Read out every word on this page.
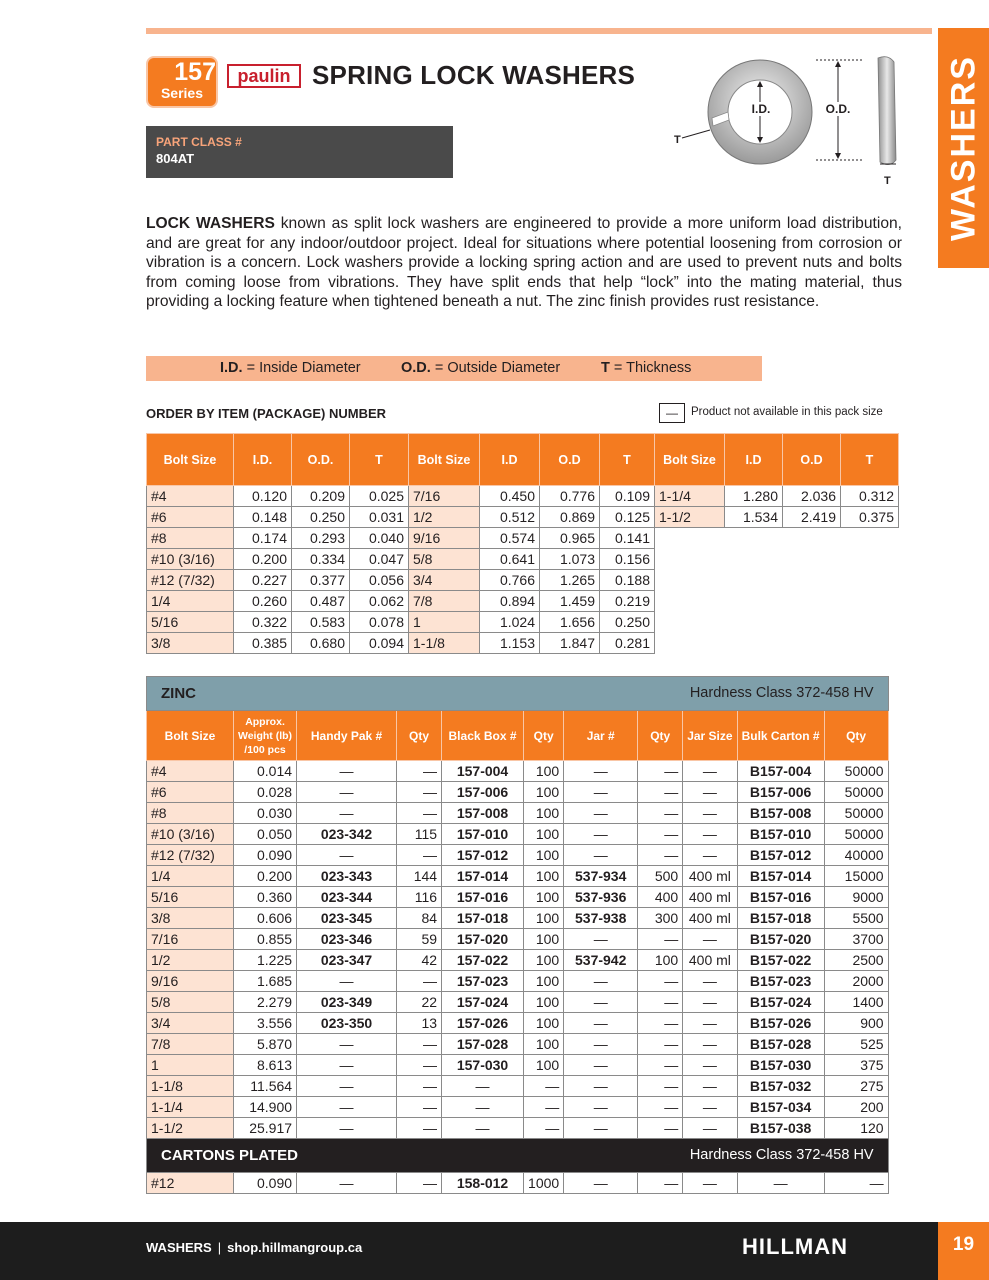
WASHERS
157
Series
paulin SPRING LOCK WASHERS
PART CLASS #
804AT
I.D.	O.D.
T
T

LOCK WASHERS known as split lock washers are engineered to provide a more uniform load distribution, and are great for any indoor/outdoor project. Ideal for situations where potential loosening from corrosion or vibration is a concern. Lock washers provide a locking spring action and are used to prevent nuts and bolts from coming loose from vibrations. They have split ends that help “lock” into the mating material, thus providing a locking feature when tightened beneath a nut. The zinc finish provides rust resistance.

I.D. = Inside Diameter	O.D. = Outside Diameter	T = Thickness
ORDER BY ITEM (PACKAGE) NUMBER	—	Product not available in this pack size
Bolt Size	I.D.	O.D.	T	Bolt Size	I.D	O.D	T	Bolt Size	I.D	O.D	T
#4	0.120	0.209	0.025	7/16	0.450	0.776	0.109	1-1/4	1.280	2.036	0.312
#6	0.148	0.250	0.031	1/2	0.512	0.869	0.125	1-1/2	1.534	2.419	0.375
#8	0.174	0.293	0.040	9/16	0.574	0.965	0.141				
#10 (3/16)	0.200	0.334	0.047	5/8	0.641	1.073	0.156				
#12 (7/32)	0.227	0.377	0.056	3/4	0.766	1.265	0.188				
1/4	0.260	0.487	0.062	7/8	0.894	1.459	0.219				
5/16	0.322	0.583	0.078	1	1.024	1.656	0.250				
3/8	0.385	0.680	0.094	1-1/8	1.153	1.847	0.281				
ZINC Hardness Class 372-458 HV										

Bolt Size	Approx.
Weight (lb)
/100 pcs	Handy Pak #	Qty	Black Box #	Qty	Jar #	Qty	Jar Size	Bulk Carton #	Qty
#4	0.014	—	—	157-004	100	—	—	—	B157-004	50000
#6	0.028	—	—	157-006	100	—	—	—	B157-006	50000
#8	0.030	—	—	157-008	100	—	—	—	B157-008	50000
#10 (3/16)	0.050	023-342	115	157-010	100	—	—	—	B157-010	50000
#12 (7/32)	0.090	—	—	157-012	100	—	—	—	B157-012	40000
1/4	0.200	023-343	144	157-014	100	537-934	500	400 ml	B157-014	15000
5/16	0.360	023-344	116	157-016	100	537-936	400	400 ml	B157-016	9000
3/8	0.606	023-345	84	157-018	100	537-938	300	400 ml	B157-018	5500
7/16	0.855	023-346	59	157-020	100	—	—	—	B157-020	3700
1/2	1.225	023-347	42	157-022	100	537-942	100	400 ml	B157-022	2500
9/16	1.685	—	—	157-023	100	—	—	—	B157-023	2000
5/8	2.279	023-349	22	157-024	100	—	—	—	B157-024	1400
3/4	3.556	023-350	13	157-026	100	—	—	—	B157-026	900
7/8	5.870	—	—	157-028	100	—	—	—	B157-028	525
1	8.613	—	—	157-030	100	—	—	—	B157-030	375
1-1/8	11.564	—	—	—	—	—	—	—	B157-032	275
1-1/4	14.900	—	—	—	—	—	—	—	B157-034	200
1-1/2	25.917	—	—	—	—	—	—	—	B157-038	120

CARTONS PLATED Hardness Class 372-458 HV										

#12	0.090	—	—	158-012	1000	—	—	—	—	—
WASHERS | shop.hillmangroup.ca	HILLMAN	19
